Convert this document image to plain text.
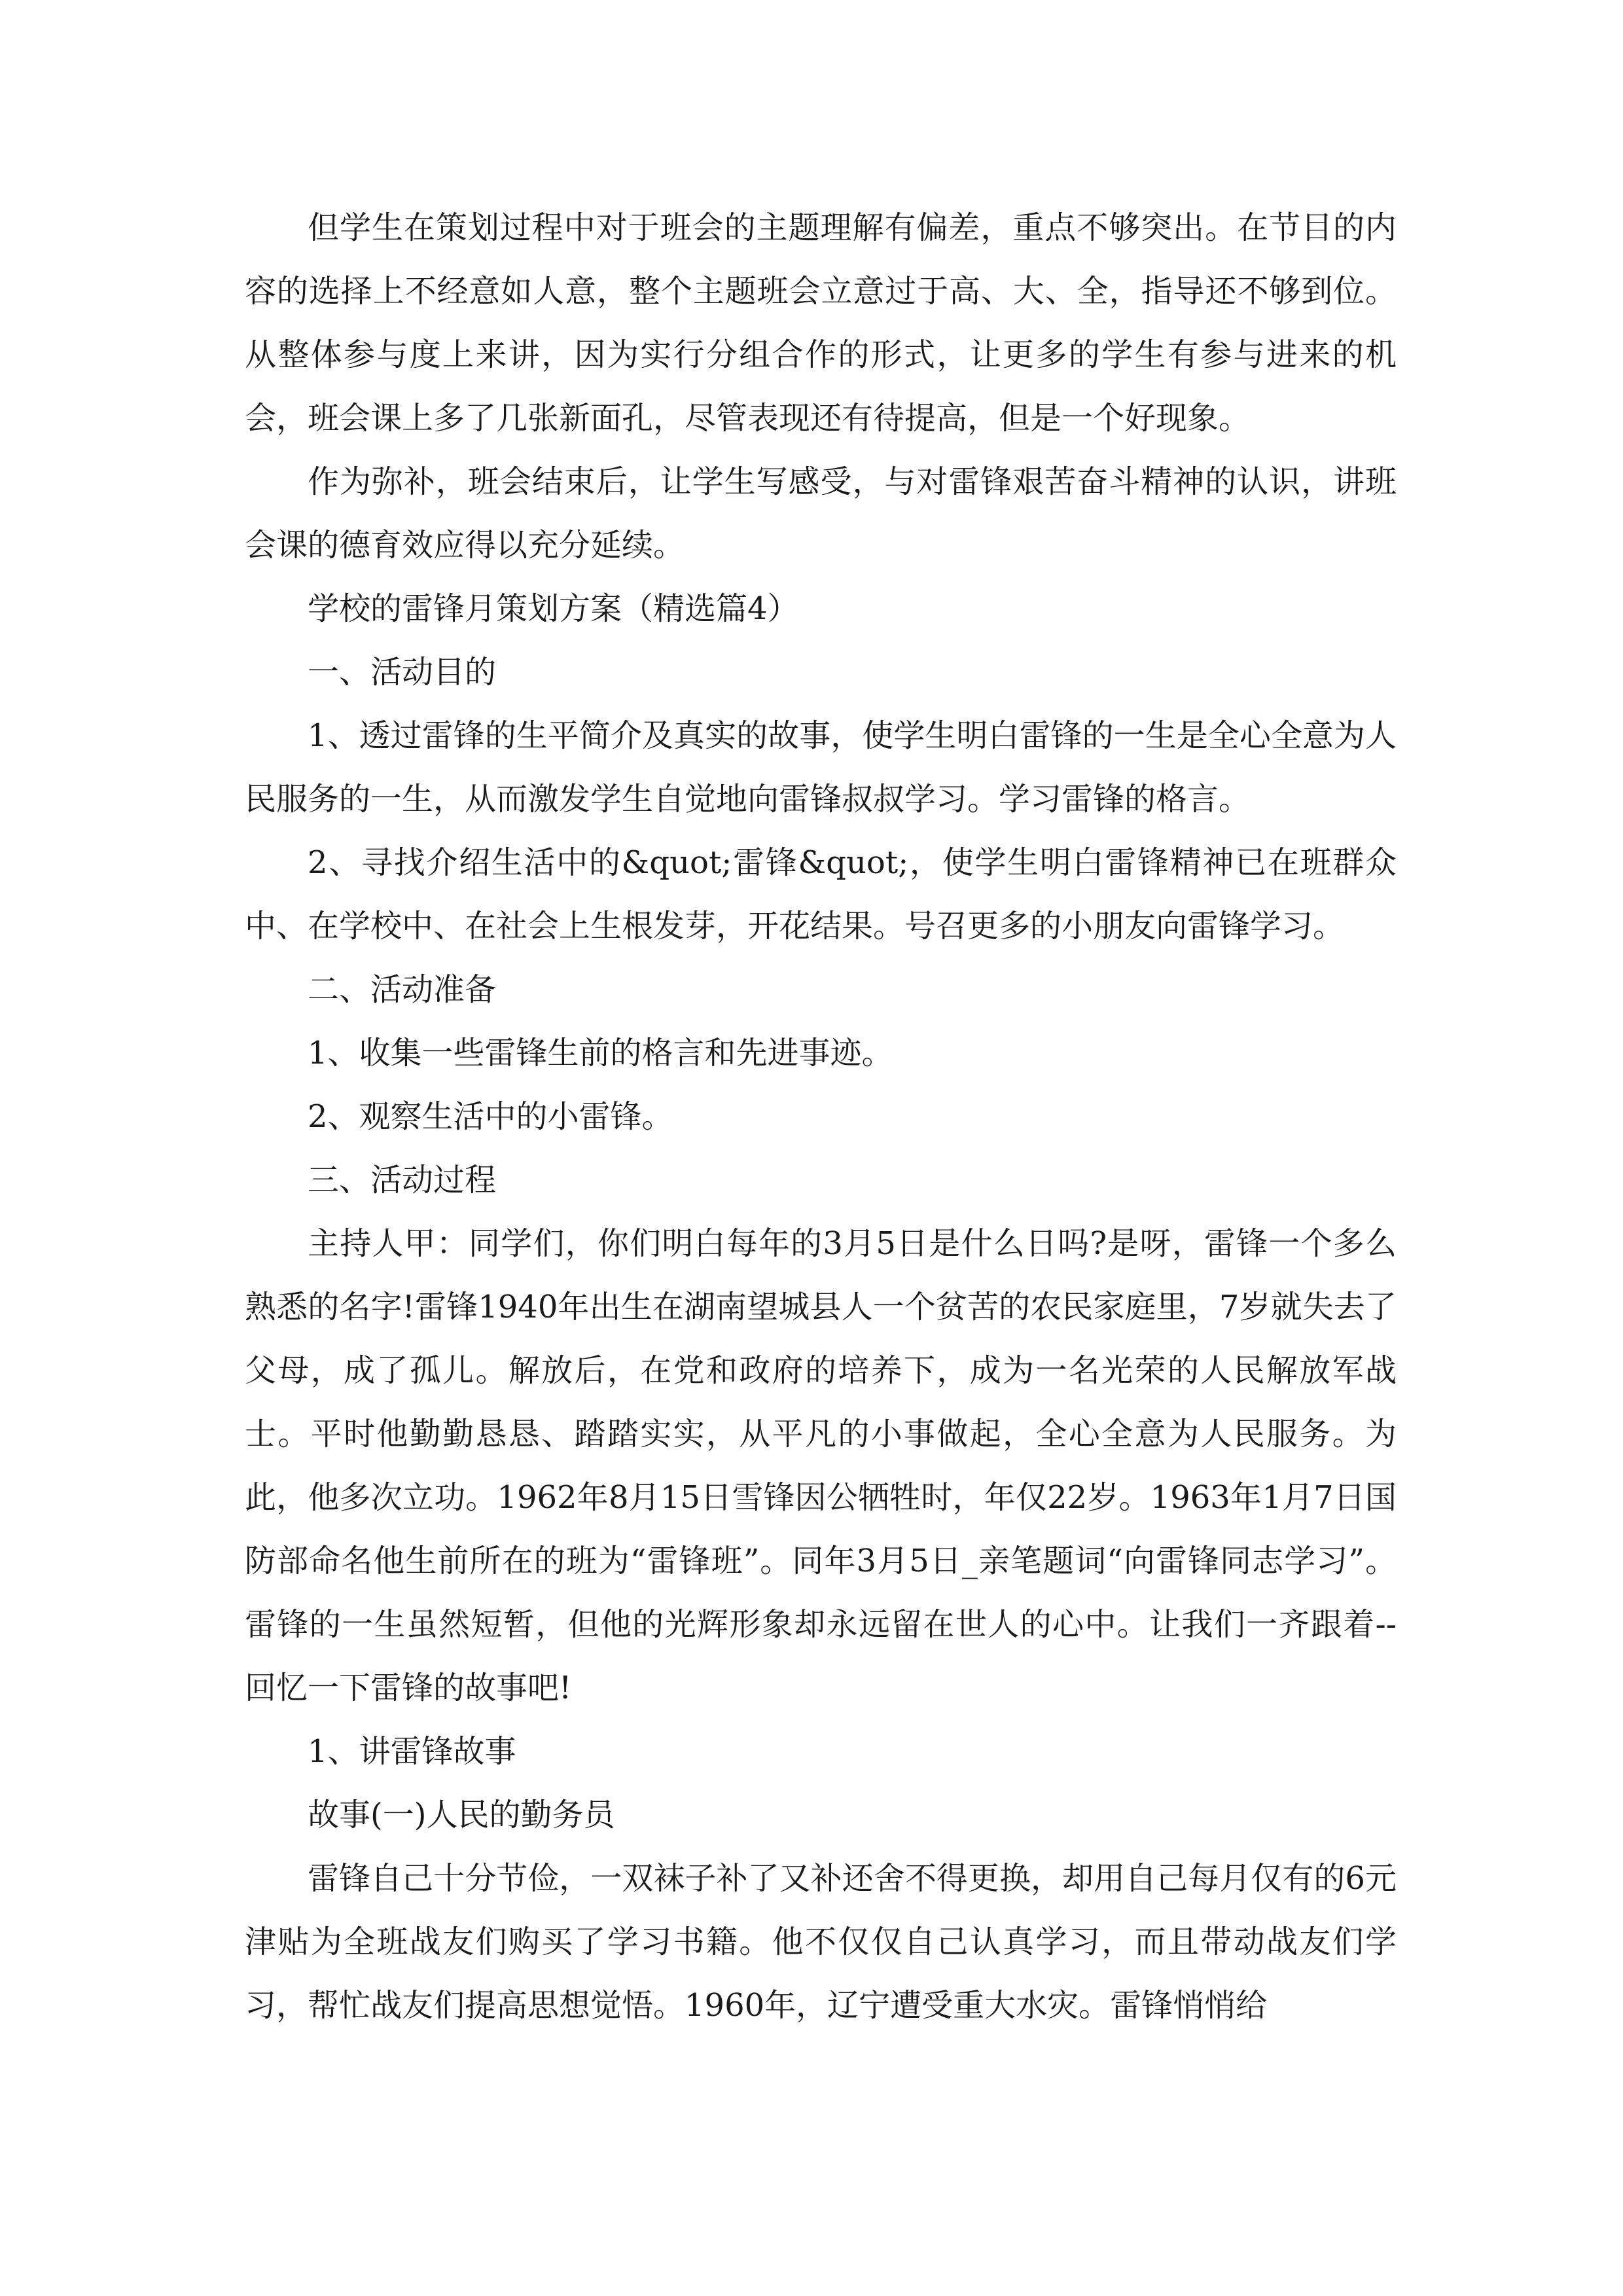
但学生在策划过程中对于班会的主题理解有偏差，重点不够突出。在节目的内容的选择上不经意如人意，整个主题班会立意过于高、大、全，指导还不够到位。从整体参与度上来讲，因为实行分组合作的形式，让更多的学生有参与进来的机会，班会课上多了几张新面孔，尽管表现还有待提高，但是一个好现象。

作为弥补，班会结束后，让学生写感受，与对雷锋艰苦奋斗精神的认识，讲班会课的德育效应得以充分延续。

学校的雷锋月策划方案（精选篇4）

一、活动目的

1、透过雷锋的生平简介及真实的故事，使学生明白雷锋的一生是全心全意为人民服务的一生，从而激发学生自觉地向雷锋叔叔学习。学习雷锋的格言。

2、寻找介绍生活中的&quot;雷锋&quot;，使学生明白雷锋精神已在班群众中、在学校中、在社会上生根发芽，开花结果。号召更多的小朋友向雷锋学习。

二、活动准备

1、收集一些雷锋生前的格言和先进事迹。

2、观察生活中的小雷锋。

三、活动过程

主持人甲：同学们，你们明白每年的3月5日是什么日吗?是呀，雷锋一个多么熟悉的名字!雷锋1940年出生在湖南望城县人一个贫苦的农民家庭里，7岁就失去了父母，成了孤儿。解放后，在党和政府的培养下，成为一名光荣的人民解放军战士。平时他勤勤恳恳、踏踏实实，从平凡的小事做起，全心全意为人民服务。为此，他多次立功。1962年8月15日雪锋因公牺牲时，年仅22岁。1963年1月7日国防部命名他生前所在的班为“雷锋班”。同年3月5日_亲笔题词“向雷锋同志学习”。雷锋的一生虽然短暂，但他的光辉形象却永远留在世人的心中。让我们一齐跟着--回忆一下雷锋的故事吧!

1、讲雷锋故事

故事(一)人民的勤务员

雷锋自己十分节俭，一双袜子补了又补还舍不得更换，却用自己每月仅有的6元津贴为全班战友们购买了学习书籍。他不仅仅自己认真学习，而且带动战友们学习，帮忙战友们提高思想觉悟。1960年，辽宁遭受重大水灾。雷锋悄悄给
